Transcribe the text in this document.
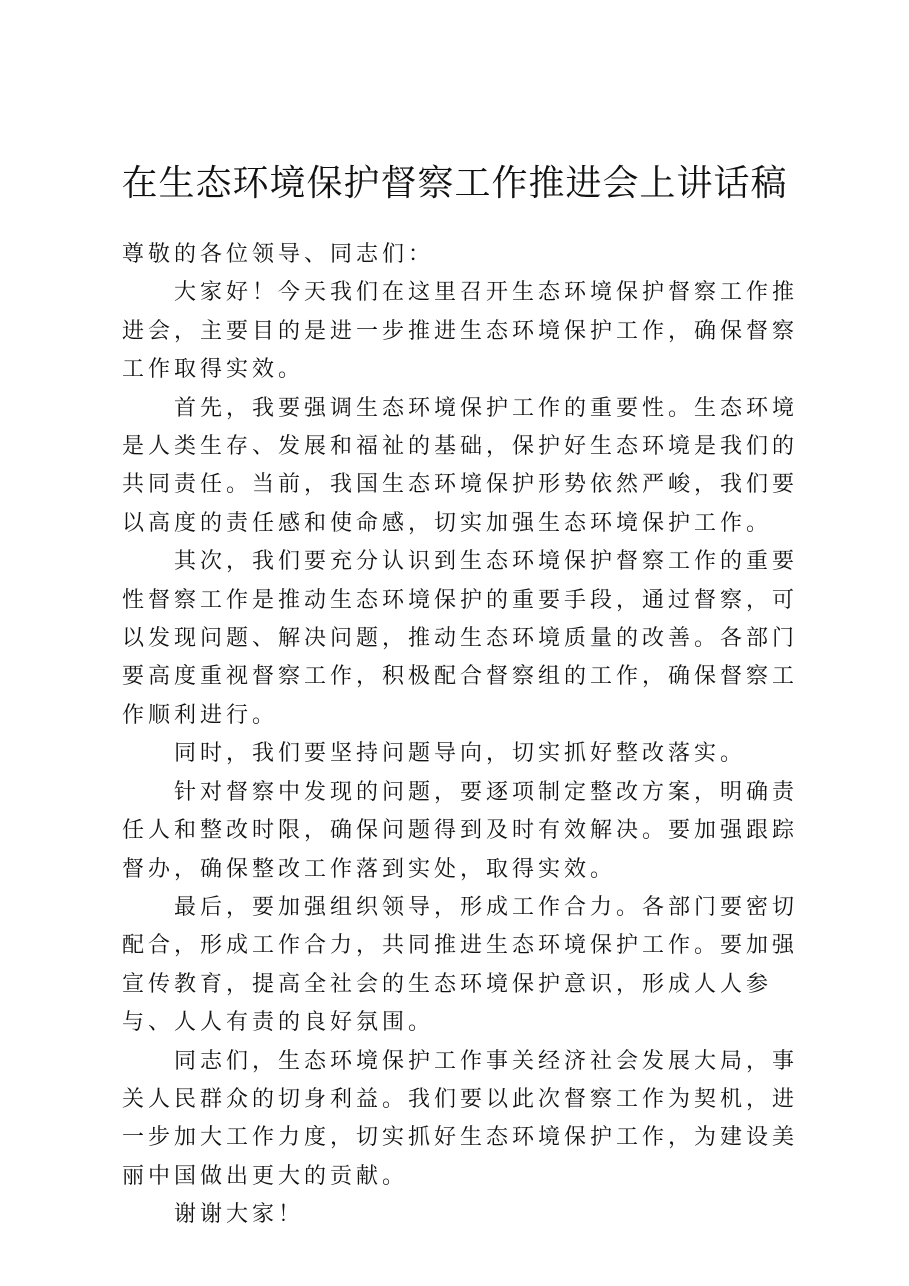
在生态环境保护督察工作推进会上讲话稿

尊敬的各位领导、同志们：

大家好！今天我们在这里召开生态环境保护督察工作推进会，主要目的是进一步推进生态环境保护工作，确保督察工作取得实效。

首先，我要强调生态环境保护工作的重要性。生态环境是人类生存、发展和福祉的基础，保护好生态环境是我们的共同责任。当前，我国生态环境保护形势依然严峻，我们要以高度的责任感和使命感，切实加强生态环境保护工作。

其次，我们要充分认识到生态环境保护督察工作的重要性督察工作是推动生态环境保护的重要手段，通过督察，可以发现问题、解决问题，推动生态环境质量的改善。各部门要高度重视督察工作，积极配合督察组的工作，确保督察工作顺利进行。

同时，我们要坚持问题导向，切实抓好整改落实。

针对督察中发现的问题，要逐项制定整改方案，明确责任人和整改时限，确保问题得到及时有效解决。要加强跟踪督办，确保整改工作落到实处，取得实效。

最后，要加强组织领导，形成工作合力。各部门要密切配合，形成工作合力，共同推进生态环境保护工作。要加强宣传教育，提高全社会的生态环境保护意识，形成人人参与、人人有责的良好氛围。

同志们，生态环境保护工作事关经济社会发展大局，事关人民群众的切身利益。我们要以此次督察工作为契机，进一步加大工作力度，切实抓好生态环境保护工作，为建设美丽中国做出更大的贡献。

谢谢大家！
